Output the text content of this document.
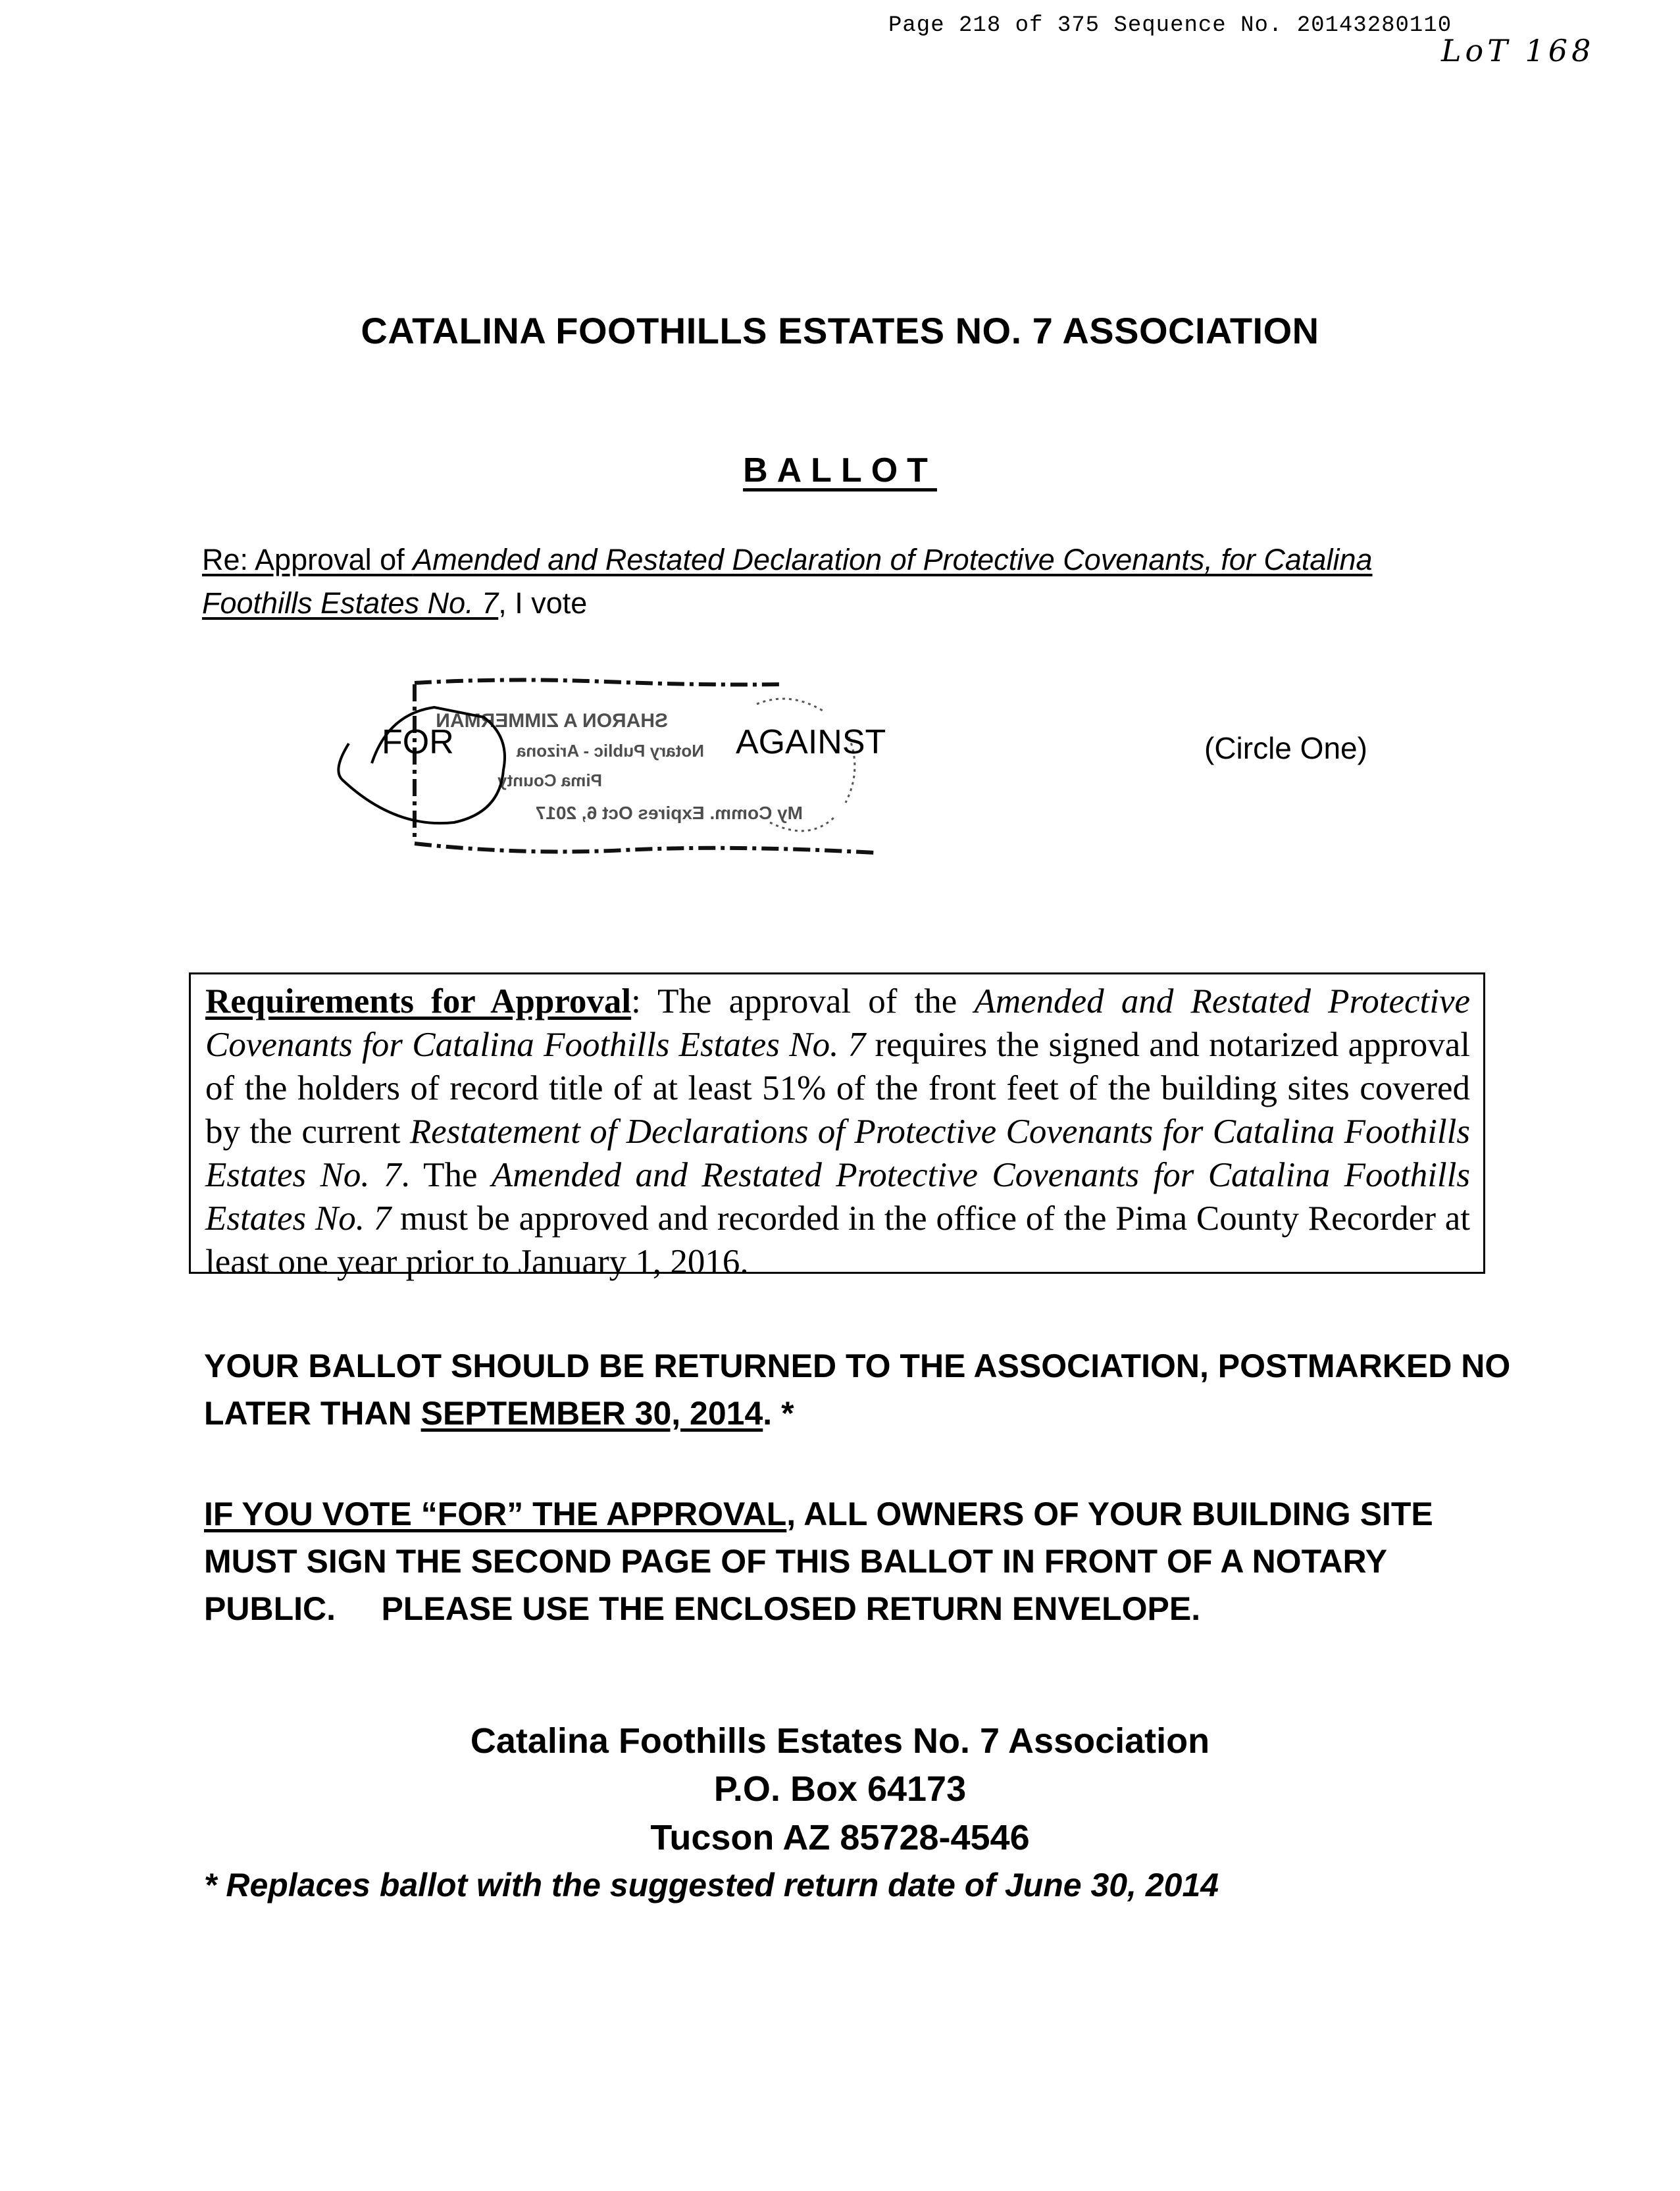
Page 218 of 375 Sequence No. 20143280110
LoT 168
CATALINA FOOTHILLS ESTATES NO. 7 ASSOCIATION
BALLOT
Re: Approval of Amended and Restated Declaration of Protective Covenants, for Catalina Foothills Estates No. 7, I vote
SHARON A ZIMMERMAN
Notary Public - Arizona
Pima County
My Comm. Expires Oct 6, 2017
FOR	AGAINST	(Circle One)
Requirements for Approval: The approval of the Amended and Restated Protective Covenants for Catalina Foothills Estates No. 7 requires the signed and notarized approval of the holders of record title of at least 51% of the front feet of the building sites covered by the current Restatement of Declarations of Protective Covenants for Catalina Foothills Estates No. 7. The Amended and Restated Protective Covenants for Catalina Foothills Estates No. 7 must be approved and recorded in the office of the Pima County Recorder at least one year prior to January 1, 2016.
YOUR BALLOT SHOULD BE RETURNED TO THE ASSOCIATION, POSTMARKED NO LATER THAN SEPTEMBER 30, 2014. *
IF YOU VOTE “FOR” THE APPROVAL, ALL OWNERS OF YOUR BUILDING SITE MUST SIGN THE SECOND PAGE OF THIS BALLOT IN FRONT OF A NOTARY PUBLIC.     PLEASE USE THE ENCLOSED RETURN ENVELOPE.
Catalina Foothills Estates No. 7 Association
P.O. Box 64173
Tucson AZ 85728-4546
* Replaces ballot with the suggested return date of June 30, 2014
